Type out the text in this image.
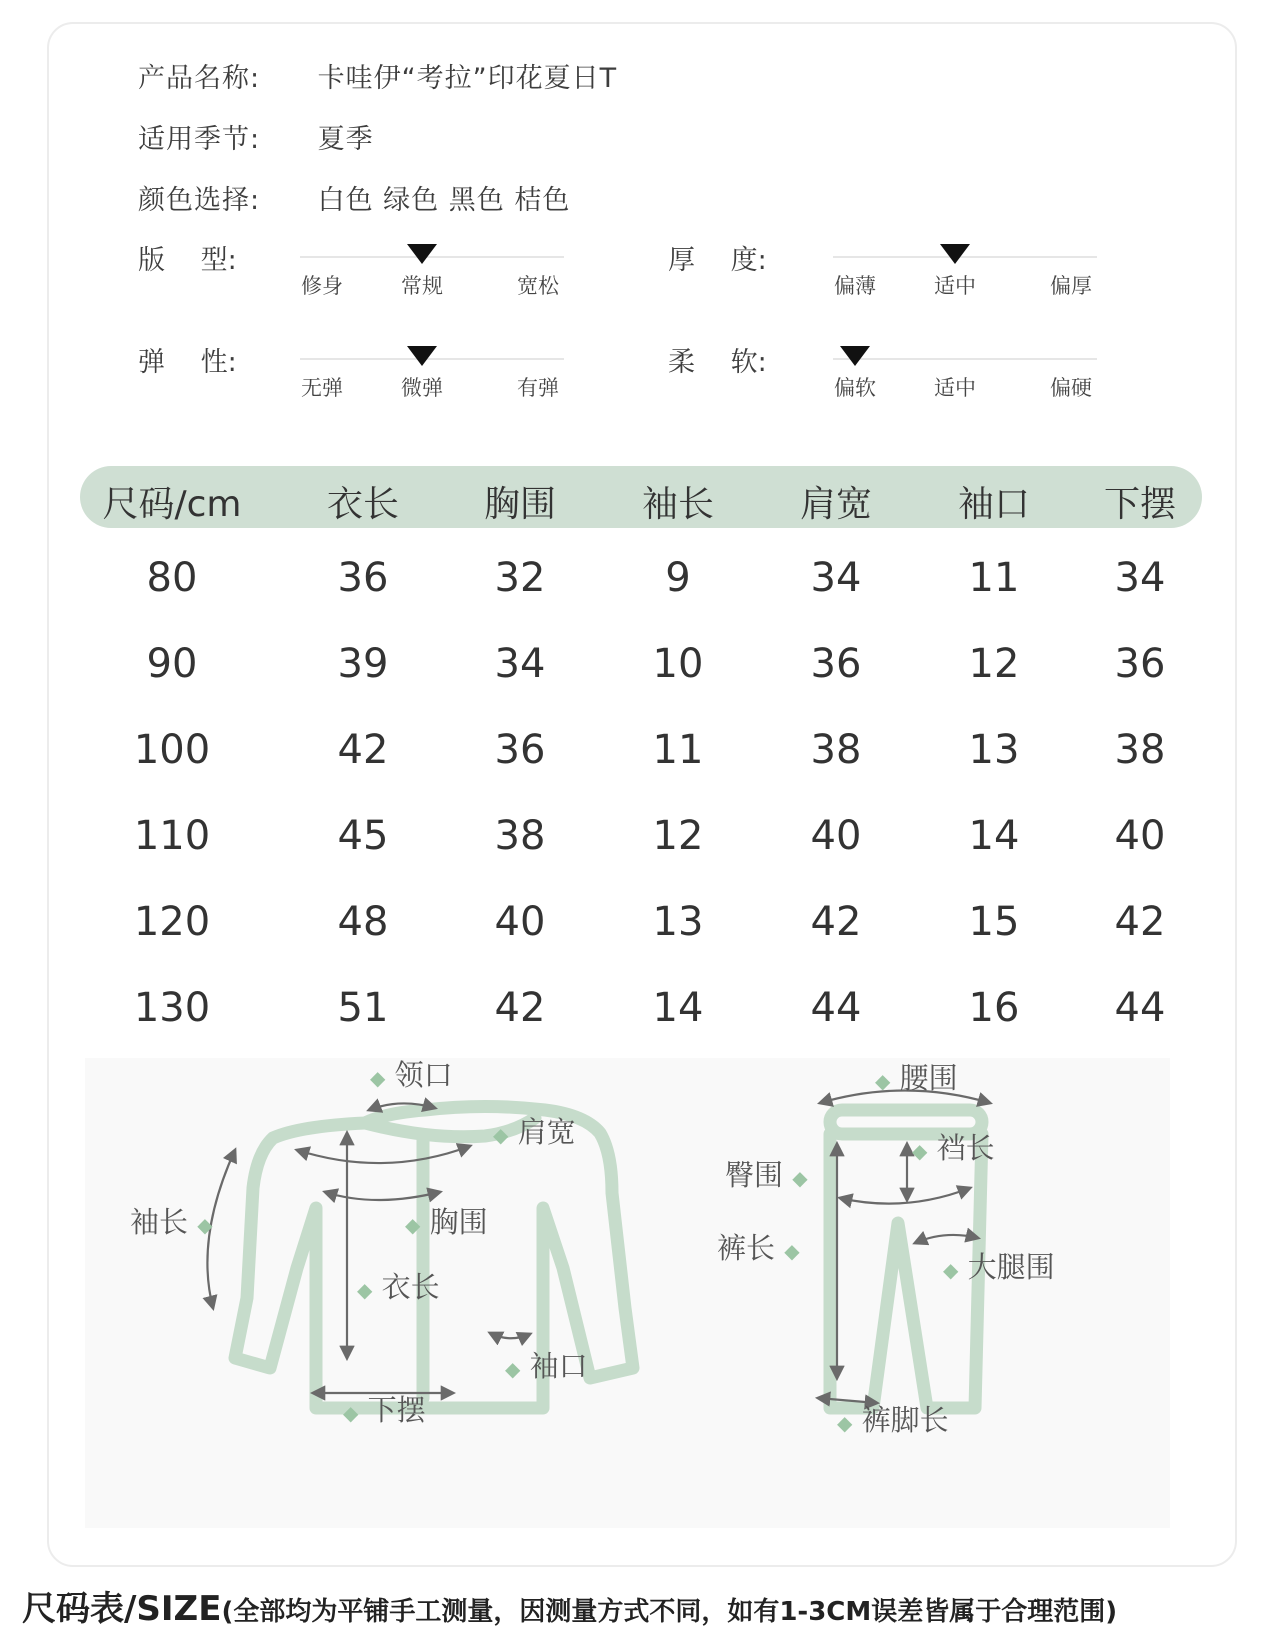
产品名称: 卡哇伊“考拉”印花夏日T
适用季节: 夏季
颜色选择: 白色 绿色 黑色 桔色
版　 型:
修身	常规	宽松
厚　 度:
偏薄	适中	偏厚
弹　 性:
无弹	微弹	有弹
柔　 软:
偏软	适中	偏硬
尺码/cm 衣长 胸围 袖长 肩宽 袖口 下摆
80	36	32	9	34	11 34
90	39	34	10	36	12 36
100	42	36	11	38	13 38
110	45	38	12	40	14 40
120	48	40	13	42	15 42
130	51	42	14	44	16 44
◆ 领口
◆ 肩宽
袖长 ◆	◆ 胸围
◆ 衣长
◆ 袖口
◆ 下摆
◆ 腰围
◆ 裆长
臀围 ◆
裤长 ◆
◆ 大腿围
◆ 裤脚长
尺码表/SIZE(全部均为平铺手工测量，因测量方式不同，如有1-3CM误差皆属于合理范围)
